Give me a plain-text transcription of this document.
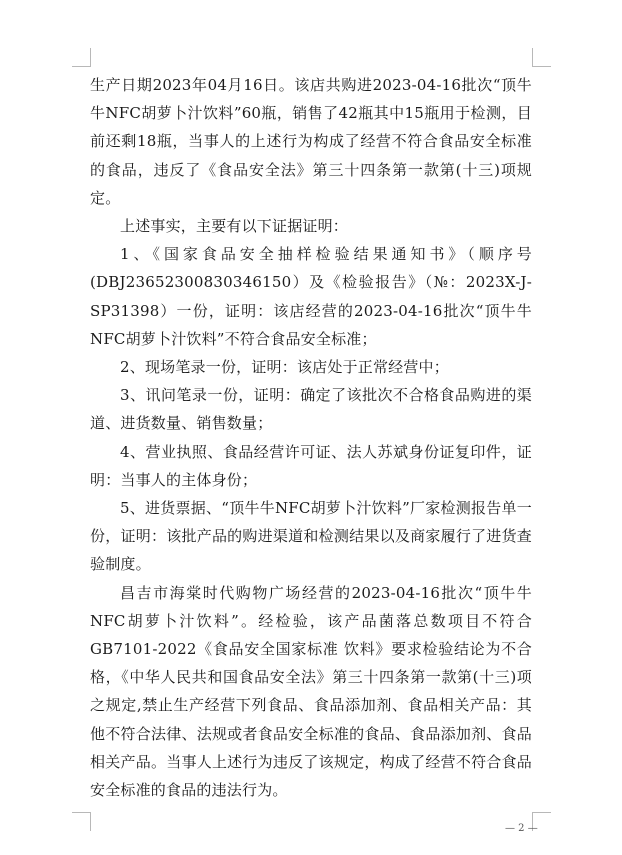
生产日期2023年04月16日。该店共购进2023-04-16批次“顶牛牛NFC胡萝卜汁饮料”60瓶，销售了42瓶其中15瓶用于检测，目前还剩18瓶，当事人的上述行为构成了经营不符合食品安全标准的食品，违反了《食品安全法》第三十四条第一款第(十三)项规定。

上述事实，主要有以下证据证明：

1、《国家食品安全抽样检验结果通知书》（顺序号(DBJ23652300830346150）及《检验报告》（№：2023X-J-SP31398）一份，证明：该店经营的2023-04-16批次“顶牛牛NFC胡萝卜汁饮料”不符合食品安全标准；

2、现场笔录一份，证明：该店处于正常经营中；

3、讯问笔录一份，证明：确定了该批次不合格食品购进的渠道、进货数量、销售数量；

4、营业执照、食品经营许可证、法人苏斌身份证复印件，证明：当事人的主体身份；

5、进货票据、“顶牛牛NFC胡萝卜汁饮料”厂家检测报告单一份，证明：该批产品的购进渠道和检测结果以及商家履行了进货查验制度。

昌吉市海棠时代购物广场经营的2023-04-16批次“顶牛牛NFC胡萝卜汁饮料”。经检验，该产品菌落总数项目不符合GB7101-2022《食品安全国家标准 饮料》要求检验结论为不合格，《中华人民共和国食品安全法》第三十四条第一款第(十三)项之规定,禁止生产经营下列食品、食品添加剂、食品相关产品：其他不符合法律、法规或者食品安全标准的食品、食品添加剂、食品相关产品。当事人上述行为违反了该规定，构成了经营不符合食品安全标准的食品的违法行为。

— 2 —
